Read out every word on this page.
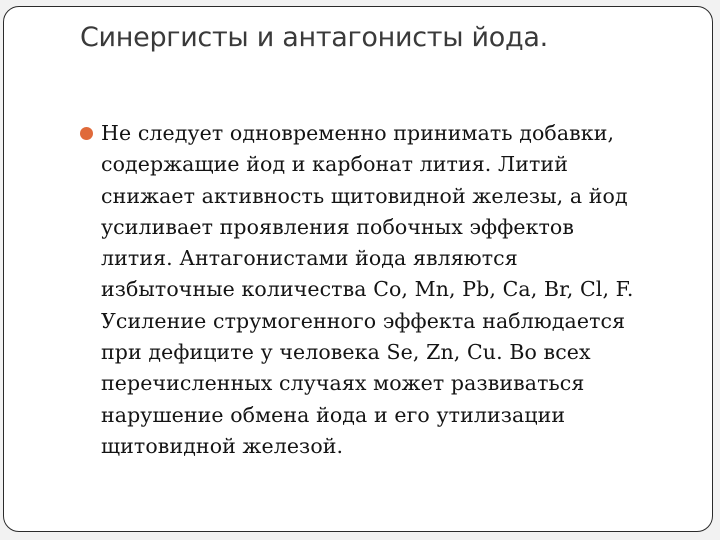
Синергисты и антагонисты йода.
Не следует одновременно принимать добавки,
содержащие йод и карбонат лития. Литий
снижает активность щитовидной железы, а йод
усиливает проявления побочных эффектов
лития. Антагонистами йода являются
избыточные количества Co, Mn, Pb, Ca, Br, Cl, F.
Усиление струмогенного эффекта наблюдается
при дефиците у человека Se, Zn, Cu. Во всех
перечисленных случаях может развиваться
нарушение обмена йода и его утилизации
щитовидной железой.
